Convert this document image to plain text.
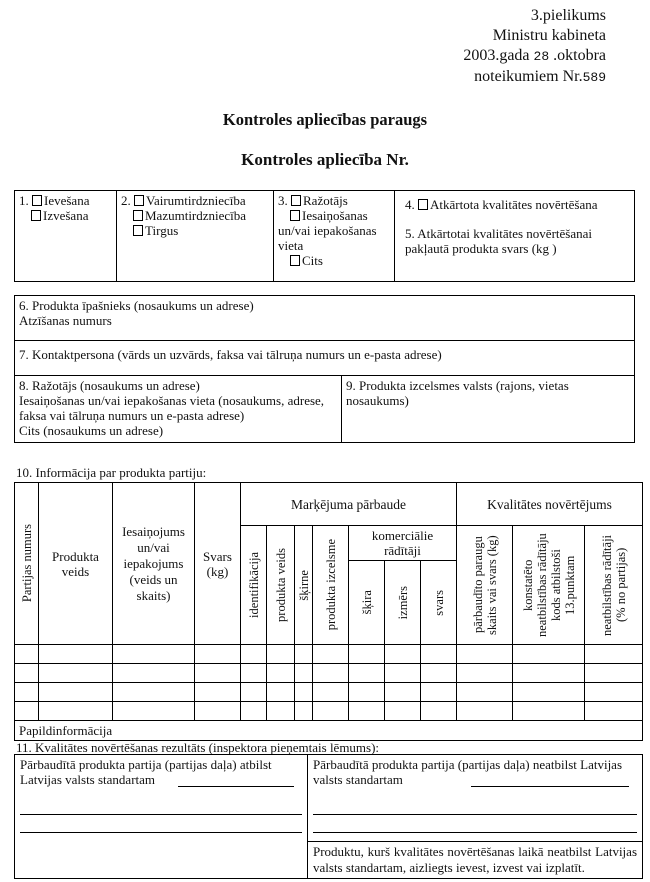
3.pielikums
Ministru kabineta
2003.gada 28 .oktobra
noteikumiem Nr.589
Kontroles apliecības paraugs
Kontroles apliecība Nr.
1. Ievešana
Izvešana

2. Vairumtirdzniecība
Mazumtirdzniecība
Tirgus

3. Ražotājs
Iesaiņošanas
un/vai iepakošanas vieta
Cits

4. Atkārtota kvalitātes novērtēšana
5. Atkārtotai kvalitātes novērtēšanai pakļautā produkta svars (kg )
6. Produkta īpašnieks (nosaukums un adrese)
Atzīšanas numurs

7. Kontaktpersona (vārds un uzvārds, faksa vai tālruņa numurs un e-pasta adrese)

8. Ražotājs (nosaukums un adrese)
Iesaiņošanas un/vai iepakošanas vieta (nosaukums, adrese, faksa vai tālruņa numurs un e-pasta adrese)
Cits (nosaukums un adrese)

9. Produkta izcelsmes valsts (rajons, vietas nosaukums)
10. Informācija par produkta partiju:
Partijas numurs	Produkta veids	Iesaiņojums un/vai iepakojums (veids un skaits)	Svars (kg)	Marķējuma pārbaude							Kvalitātes novērtējums		

				identifikācija	produkta veids	šķirne	produkta izcelsme	komerciālie rādītāji			pārbaudīto paraugu skaits vai svars (kg)	konstatēto neatbilstības rādītāju kods atbilstoši 13.punktam	neatbilstības rādītāji (% no partijas)

								šķira	izmērs	svars			

Papildinformācija													
11. Kvalitātes novērtēšanas rezultāts (inspektora pieņemtais lēmums):
Pārbaudītā produkta partija (partijas daļa) atbilst Latvijas valsts standartam

Pārbaudītā produkta partija (partijas daļa) neatbilst Latvijas valsts standartam
Produktu, kurš kvalitātes novērtēšanas laikā neatbilst Latvijas valsts standartam, aizliegts ievest, izvest vai izplatīt.
